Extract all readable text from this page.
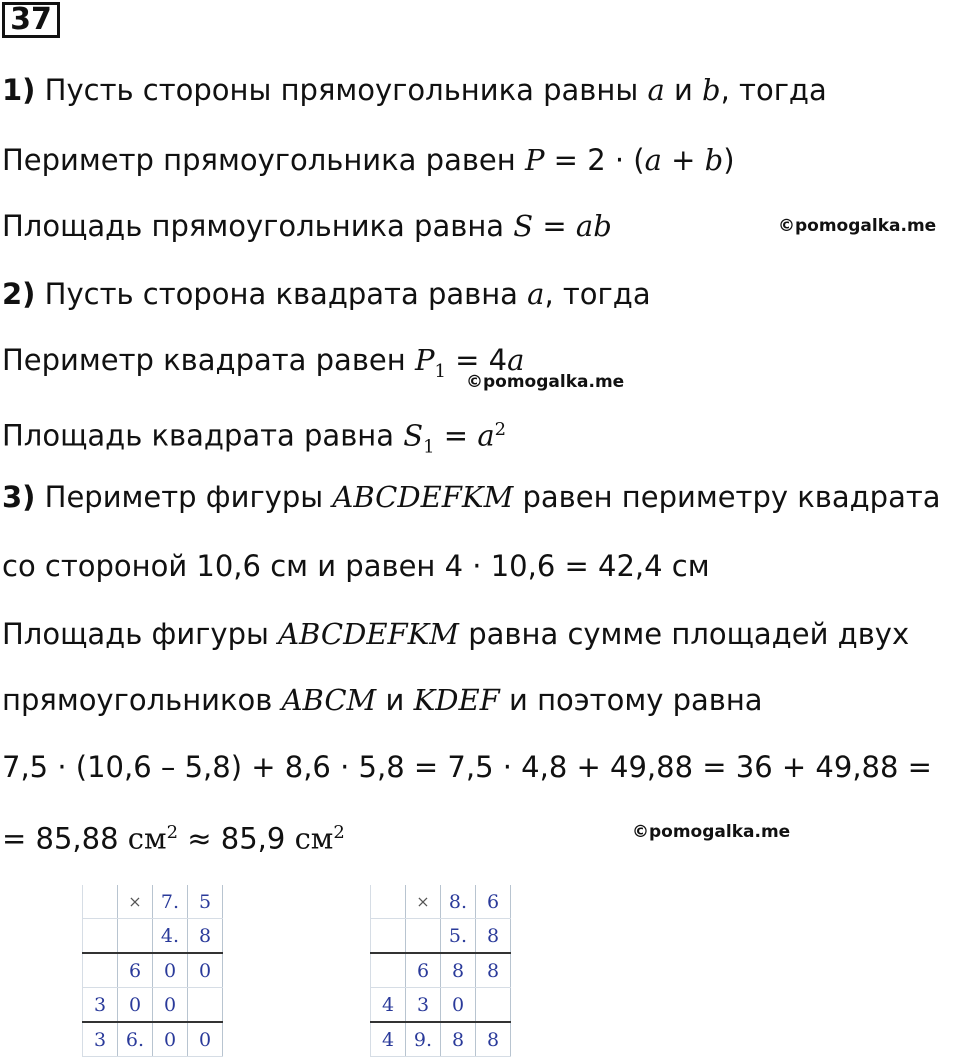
37
1) Пусть стороны прямоугольника равны a и b, тогда
Периметр прямоугольника равен P = 2 · (a + b)
Площадь прямоугольника равна S = ab	©pomogalka.me
2) Пусть сторона квадрата равна a, тогда
Периметр квадрата равен $P_1 = 4a$
©pomogalka.me
Площадь квадрата равна $S_1 = a^2$
3) Периметр фигуры ABCDEFKM равен периметру квадрата
со стороной 10,6 см и равен 4 · 10,6 = 42,4 см
Площадь фигуры ABCDEFKM равна сумме площадей двух
прямоугольников ABCM и KDEF и поэтому равна
7,5 · (10,6 – 5,8) + 8,6 · 5,8 = 7,5 · 4,8 + 49,88 = 36 + 49,88 =
= 85,88 $см^2 \approx 85,9$ $см^2$	©pomogalka.me
	×	7.	5
		4.	8
	6	0	0
3	0	0	
3	6.	0	0
	×	8.	6
		5.	8
	6	8	8
4	3	0	
4	9.	8	8
